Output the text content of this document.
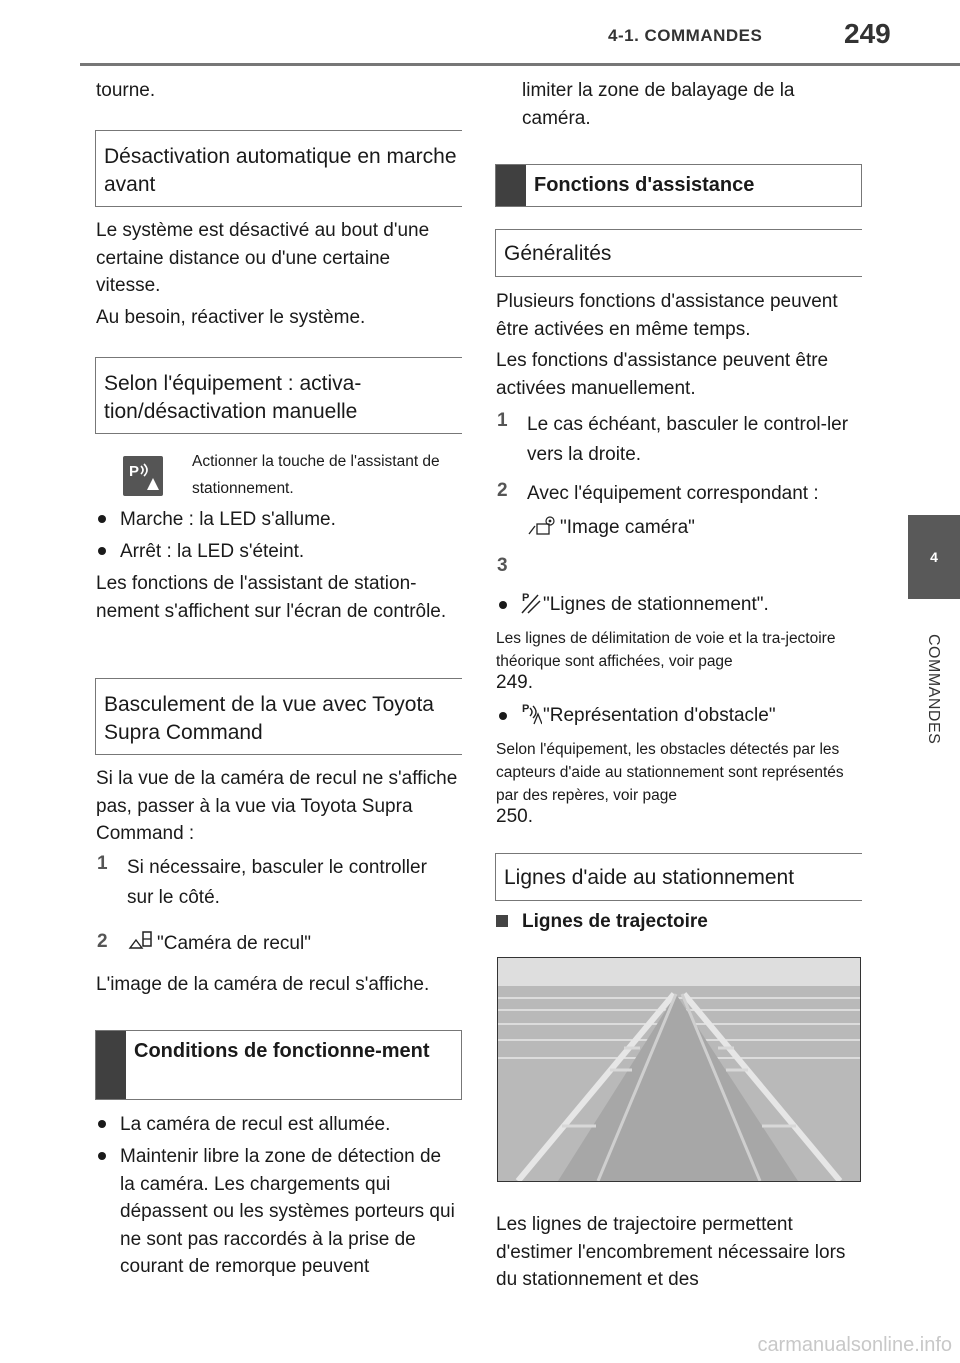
4-1. COMMANDES	249
4
COMMANDES
tourne.
Désactivation automatique en marche avant
Le système est désactivé au bout d'une certaine distance ou d'une certaine vitesse.
Au besoin, réactiver le système.
Selon l'équipement : activa-tion/désactivation manuelle
P
Actionner la touche de l'assistant de stationnement.
Marche : la LED s'allume.
Arrêt : la LED s'éteint.
Les fonctions de l'assistant de station-nement s'affichent sur l'écran de contrôle.
Basculement de la vue avec Toyota Supra Command
Si la vue de la caméra de recul ne s'affiche pas, passer à la vue via Toyota Supra Command :
1 Si nécessaire, basculer le controller sur le côté.
2	"Caméra de recul"
L'image de la caméra de recul s'affiche.
Conditions de fonctionne-ment
La caméra de recul est allumée.
Maintenir libre la zone de détection de la caméra. Les chargements qui dépassent ou les systèmes porteurs qui ne sont pas raccordés à la prise de courant de remorque peuvent
limiter la zone de balayage de la caméra.
Fonctions d'assistance
Généralités
Plusieurs fonctions d'assistance peuvent être activées en même temps.
Les fonctions d'assistance peuvent être activées manuellement.
1 Le cas échéant, basculer le control-ler vers la droite.
2 Avec l'équipement correspondant :
"Image caméra"
3
P "Lignes de stationnement".
Les lignes de délimitation de voie et la tra-jectoire théorique sont affichées, voir page
249.
P "Représentation d'obstacle"
Selon l'équipement, les obstacles détectés par les capteurs d'aide au stationnement sont représentés par des repères, voir page
250.
Lignes d'aide au stationnement
Lignes de trajectoire
Les lignes de trajectoire permettent d'estimer l'encombrement nécessaire lors du stationnement et des
carmanualsonline.info
